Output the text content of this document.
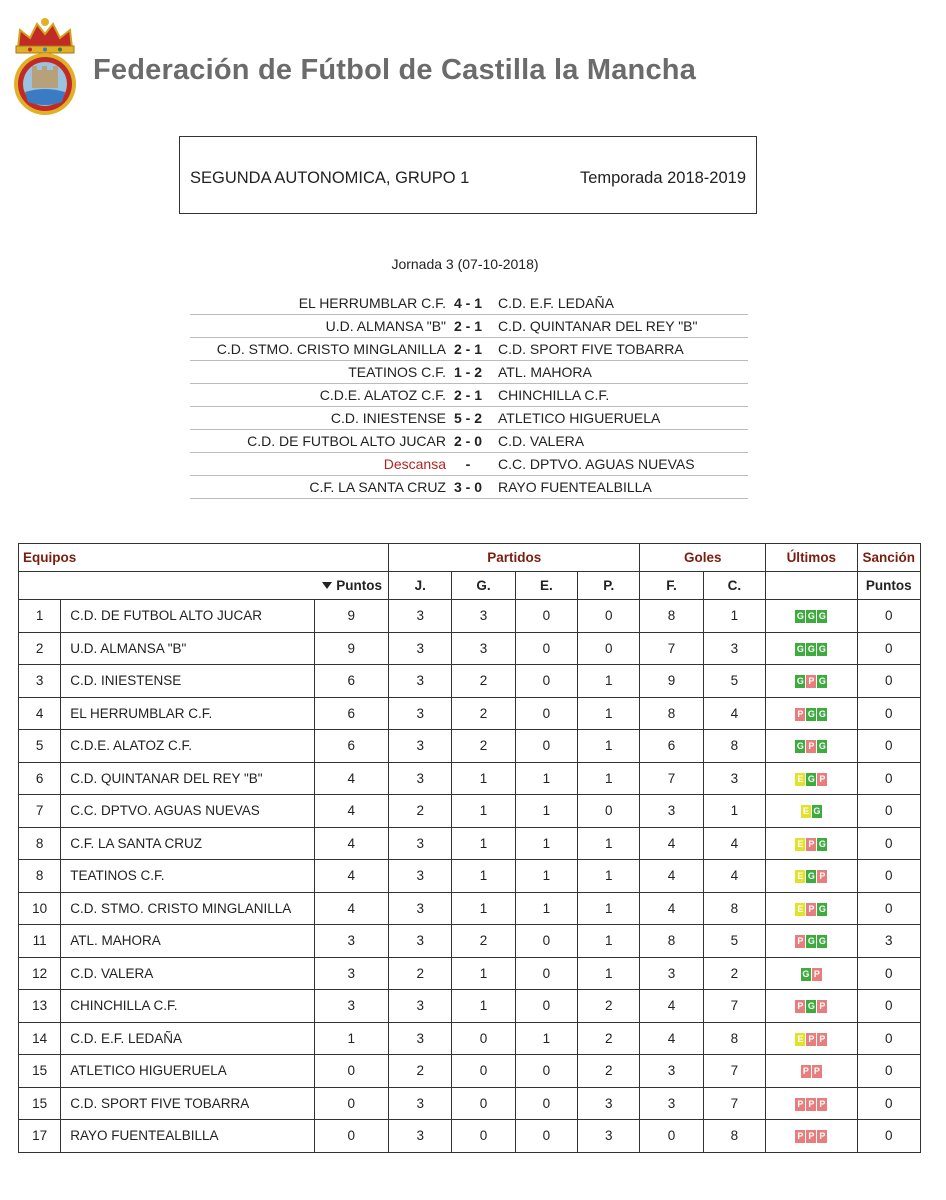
Federación de Fútbol de Castilla la Mancha
SEGUNDA AUTONOMICA, GRUPO 1	Temporada 2018-2019
Jornada 3 (07-10-2018)
EL HERRUMBLAR C.F. 4 - 1	C.D. E.F. LEDAÑA
U.D. ALMANSA "B" 2 - 1	C.D. QUINTANAR DEL REY "B"
C.D. STMO. CRISTO MINGLANILLA 2 - 1	C.D. SPORT FIVE TOBARRA
TEATINOS C.F. 1 - 2	ATL. MAHORA
C.D.E. ALATOZ C.F. 2 - 1	CHINCHILLA C.F.
C.D. INIESTENSE 5 - 2	ATLETICO HIGUERUELA
C.D. DE FUTBOL ALTO JUCAR 2 - 0	C.D. VALERA
Descansa	-	C.C. DPTVO. AGUAS NUEVAS
C.F. LA SANTA CRUZ 3 - 0	RAYO FUENTEALBILLA
Equipos			Partidos				Goles		Últimos	Sanción
Puntos			J.	G.	E.	P.	F.	C.		Puntos
1	C.D. DE FUTBOL ALTO JUCAR	9	3	3	0	0	8	1	G G G	0
2	U.D. ALMANSA "B"	9	3	3	0	0	7	3	G G G	0
3	C.D. INIESTENSE	6	3	2	0	1	9	5	G P G	0
4	EL HERRUMBLAR C.F.	6	3	2	0	1	8	4	P G G	0
5	C.D.E. ALATOZ C.F.	6	3	2	0	1	6	8	G P G	0
6	C.D. QUINTANAR DEL REY "B"	4	3	1	1	1	7	3	E G P	0
7	C.C. DPTVO. AGUAS NUEVAS	4	2	1	1	0	3	1	E G	0
8	C.F. LA SANTA CRUZ	4	3	1	1	1	4	4	E P G	0
8	TEATINOS C.F.	4	3	1	1	1	4	4	E G P	0
10	C.D. STMO. CRISTO MINGLANILLA	4	3	1	1	1	4	8	E P G	0
11	ATL. MAHORA	3	3	2	0	1	8	5	P G G	3
12	C.D. VALERA	3	2	1	0	1	3	2	G P	0
13	CHINCHILLA C.F.	3	3	1	0	2	4	7	P G P	0
14	C.D. E.F. LEDAÑA	1	3	0	1	2	4	8	E P P	0
15	ATLETICO HIGUERUELA	0	2	0	0	2	3	7	P P	0
15	C.D. SPORT FIVE TOBARRA	0	3	0	0	3	3	7	P P P	0
17	RAYO FUENTEALBILLA	0	3	0	0	3	0	8	P P P	0
